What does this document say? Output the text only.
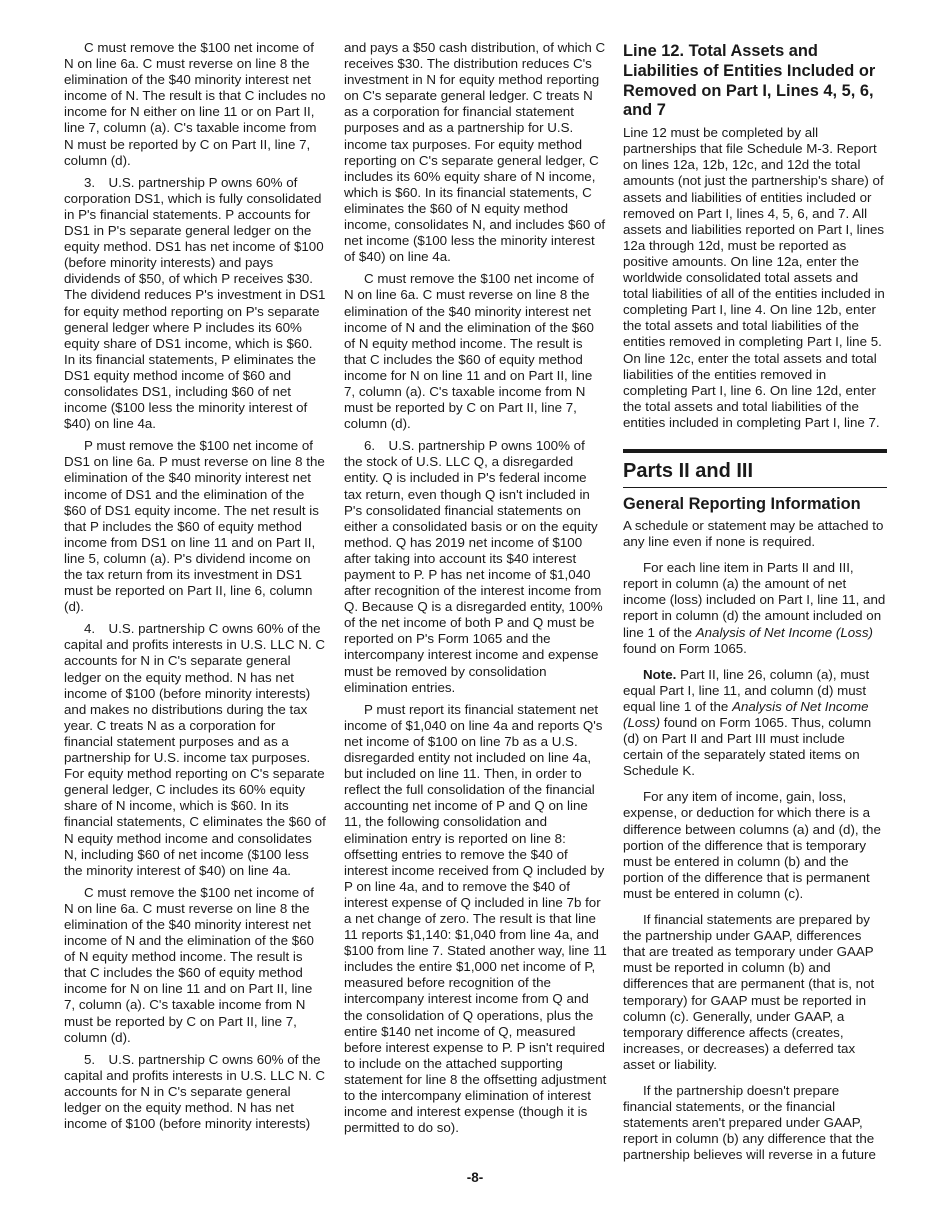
C must remove the $100 net income of N on line 6a. C must reverse on line 8 the elimination of the $40 minority interest net income of N. The result is that C includes no income for N either on line 11 or on Part II, line 7, column (a). C's taxable income from N must be reported by C on Part II, line 7, column (d).

3. U.S. partnership P owns 60% of corporation DS1, which is fully consolidated in P's financial statements. P accounts for DS1 in P's separate general ledger on the equity method. DS1 has net income of $100 (before minority interests) and pays dividends of $50, of which P receives $30. The dividend reduces P's investment in DS1 for equity method reporting on P's separate general ledger where P includes its 60% equity share of DS1 income, which is $60. In its financial statements, P eliminates the DS1 equity method income of $60 and consolidates DS1, including $60 of net income ($100 less the minority interest of $40) on line 4a.

P must remove the $100 net income of DS1 on line 6a. P must reverse on line 8 the elimination of the $40 minority interest net income of DS1 and the elimination of the $60 of DS1 equity income. The net result is that P includes the $60 of equity method income from DS1 on line 11 and on Part II, line 5, column (a). P's dividend income on the tax return from its investment in DS1 must be reported on Part II, line 6, column (d).

4. U.S. partnership C owns 60% of the capital and profits interests in U.S. LLC N. C accounts for N in C's separate general ledger on the equity method. N has net income of $100 (before minority interests) and makes no distributions during the tax year. C treats N as a corporation for financial statement purposes and as a partnership for U.S. income tax purposes. For equity method reporting on C's separate general ledger, C includes its 60% equity share of N income, which is $60. In its financial statements, C eliminates the $60 of N equity method income and consolidates N, including $60 of net income ($100 less the minority interest of $40) on line 4a.

C must remove the $100 net income of N on line 6a. C must reverse on line 8 the elimination of the $40 minority interest net income of N and the elimination of the $60 of N equity method income. The result is that C includes the $60 of equity method income for N on line 11 and on Part II, line 7, column (a). C's taxable income from N must be reported by C on Part II, line 7, column (d).

5. U.S. partnership C owns 60% of the capital and profits interests in U.S. LLC N. C accounts for N in C's separate general ledger on the equity method. N has net income of $100 (before minority interests)

and pays a $50 cash distribution, of which C receives $30. The distribution reduces C's investment in N for equity method reporting on C's separate general ledger. C treats N as a corporation for financial statement purposes and as a partnership for U.S. income tax purposes. For equity method reporting on C's separate general ledger, C includes its 60% equity share of N income, which is $60. In its financial statements, C eliminates the $60 of N equity method income, consolidates N, and includes $60 of net income ($100 less the minority interest of $40) on line 4a.

C must remove the $100 net income of N on line 6a. C must reverse on line 8 the elimination of the $40 minority interest net income of N and the elimination of the $60 of N equity method income. The result is that C includes the $60 of equity method income for N on line 11 and on Part II, line 7, column (a). C's taxable income from N must be reported by C on Part II, line 7, column (d).

6. U.S. partnership P owns 100% of the stock of U.S. LLC Q, a disregarded entity. Q is included in P's federal income tax return, even though Q isn't included in P's consolidated financial statements on either a consolidated basis or on the equity method. Q has 2019 net income of $100 after taking into account its $40 interest payment to P. P has net income of $1,040 after recognition of the interest income from Q. Because Q is a disregarded entity, 100% of the net income of both P and Q must be reported on P's Form 1065 and the intercompany interest income and expense must be removed by consolidation elimination entries.

P must report its financial statement net income of $1,040 on line 4a and reports Q's net income of $100 on line 7b as a U.S. disregarded entity not included on line 4a, but included on line 11. Then, in order to reflect the full consolidation of the financial accounting net income of P and Q on line 11, the following consolidation and elimination entry is reported on line 8: offsetting entries to remove the $40 of interest income received from Q included by P on line 4a, and to remove the $40 of interest expense of Q included in line 7b for a net change of zero. The result is that line 11 reports $1,140: $1,040 from line 4a, and $100 from line 7. Stated another way, line 11 includes the entire $1,000 net income of P, measured before recognition of the intercompany interest income from Q and the consolidation of Q operations, plus the entire $140 net income of Q, measured before interest expense to P. P isn't required to include on the attached supporting statement for line 8 the offsetting adjustment to the intercompany elimination of interest income and interest expense (though it is permitted to do so).

Line 12. Total Assets and Liabilities of Entities Included or Removed on Part I, Lines 4, 5, 6, and 7

Line 12 must be completed by all partnerships that file Schedule M-3. Report on lines 12a, 12b, 12c, and 12d the total amounts (not just the partnership's share) of assets and liabilities of entities included or removed on Part I, lines 4, 5, 6, and 7. All assets and liabilities reported on Part I, lines 12a through 12d, must be reported as positive amounts. On line 12a, enter the worldwide consolidated total assets and total liabilities of all of the entities included in completing Part I, line 4. On line 12b, enter the total assets and total liabilities of the entities removed in completing Part I, line 5. On line 12c, enter the total assets and total liabilities of the entities removed in completing Part I, line 6. On line 12d, enter the total assets and total liabilities of the entities included in completing Part I, line 7.

Parts II and III
General Reporting Information

A schedule or statement may be attached to any line even if none is required.

For each line item in Parts II and III, report in column (a) the amount of net income (loss) included on Part I, line 11, and report in column (d) the amount included on line 1 of the Analysis of Net Income (Loss) found on Form 1065.

Note. Part II, line 26, column (a), must equal Part I, line 11, and column (d) must equal line 1 of the Analysis of Net Income (Loss) found on Form 1065. Thus, column (d) on Part II and Part III must include certain of the separately stated items on Schedule K.

For any item of income, gain, loss, expense, or deduction for which there is a difference between columns (a) and (d), the portion of the difference that is temporary must be entered in column (b) and the portion of the difference that is permanent must be entered in column (c).

If financial statements are prepared by the partnership under GAAP, differences that are treated as temporary under GAAP must be reported in column (b) and differences that are permanent (that is, not temporary) for GAAP must be reported in column (c). Generally, under GAAP, a temporary difference affects (creates, increases, or decreases) a deferred tax asset or liability.

If the partnership doesn't prepare financial statements, or the financial statements aren't prepared under GAAP, report in column (b) any difference that the partnership believes will reverse in a future

-8-
